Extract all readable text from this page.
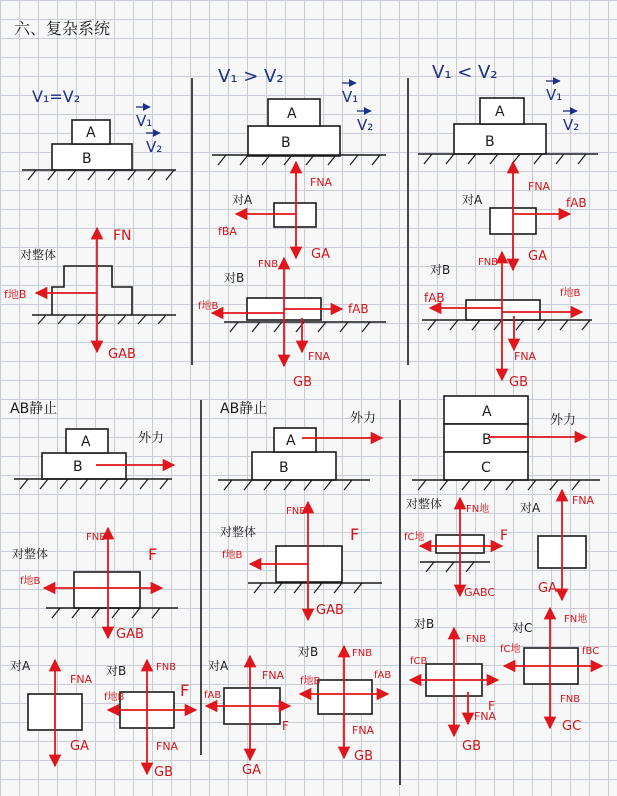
六、复杂系统
V₁=V₂
V₁
V₂
A
B
对整体
FN
GAB
f地B
V₁ > V₂
V₁
V₂
A
B
对A
FNA
fBA
GA
对B
FNB
fAB
f地B
FNA
GB
V₁ < V₂
V₁
V₂
A
B
对A
FNA
fAB
GA
对B
FNB
fAB	f地B
FNA
GB
AB静止
外力
A
B
对整体
FNB
F
f地B
GAB
对A
FNA
GA
对B	FNB
F
f地B
FNA
GB
AB静止
外力
A
B
对整体
FNB
F
f地B
GAB
对A
FNA
fAB
F
GA
对B	FNB
fAB
f地B
FNA
GB
A
B
C
外力
对整体 FN地
F
fC地
GABC
对A
FNA
GA
对B
FNB
fCB
F
FNA
GB
对C
FN地
fBC
fC地
FNB
GC
